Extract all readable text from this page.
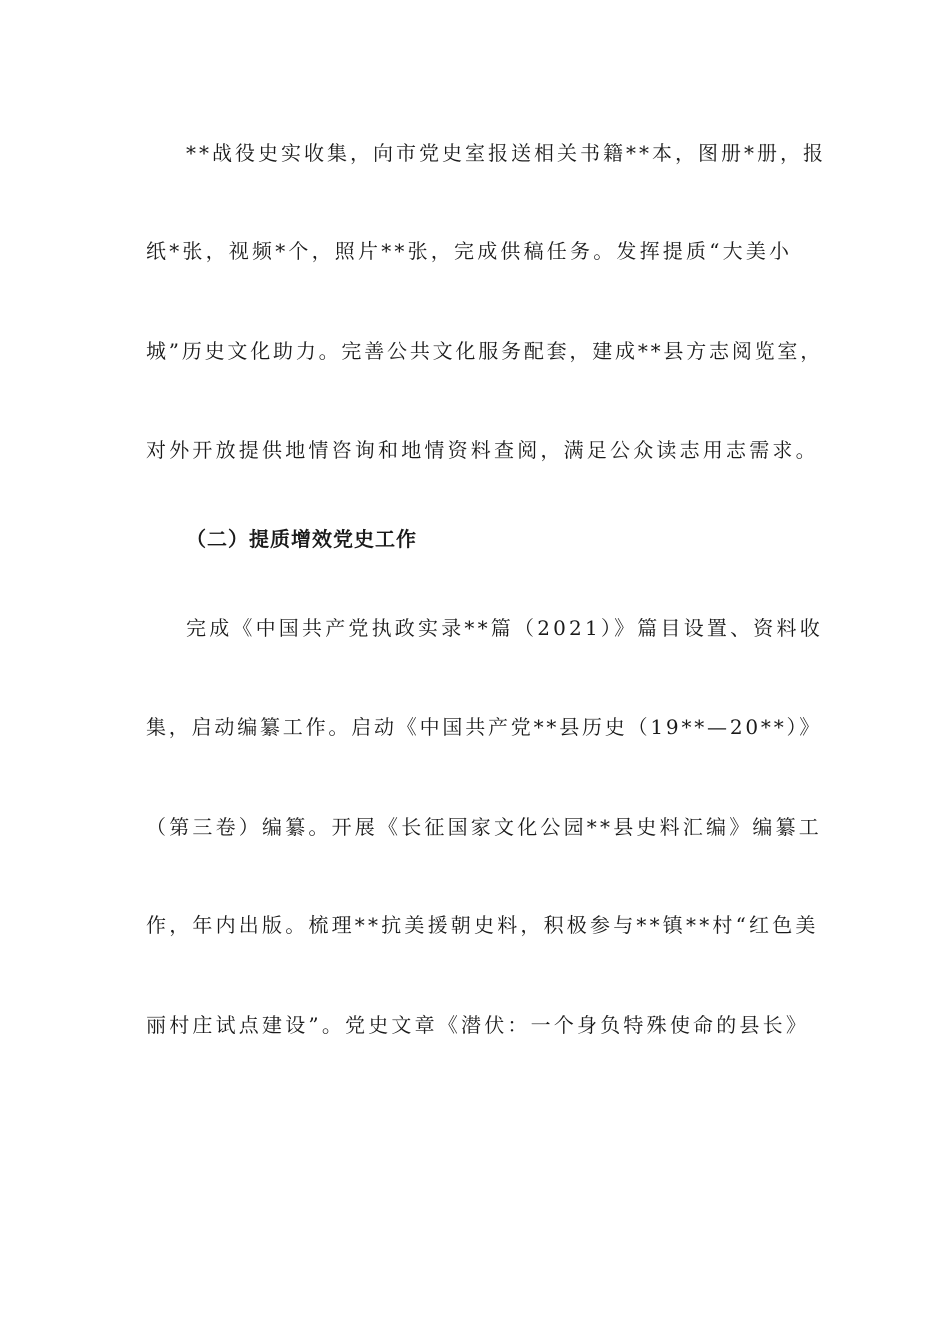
**战役史实收集，向市党史室报送相关书籍**本，图册*册，报
纸*张，视频*个，照片**张，完成供稿任务。发挥提质“大美小
城”历史文化助力。完善公共文化服务配套，建成**县方志阅览室，
对外开放提供地情咨询和地情资料查阅，满足公众读志用志需求。
（二）提质增效党史工作
完成《中国共产党执政实录**篇（2021）》篇目设置、资料收
集，启动编纂工作。启动《中国共产党**县历史（19**—20**）》
（第三卷）编纂。开展《长征国家文化公园**县史料汇编》编纂工
作，年内出版。梳理**抗美援朝史料，积极参与**镇**村“红色美
丽村庄试点建设”。党史文章《潜伏：一个身负特殊使命的县长》
